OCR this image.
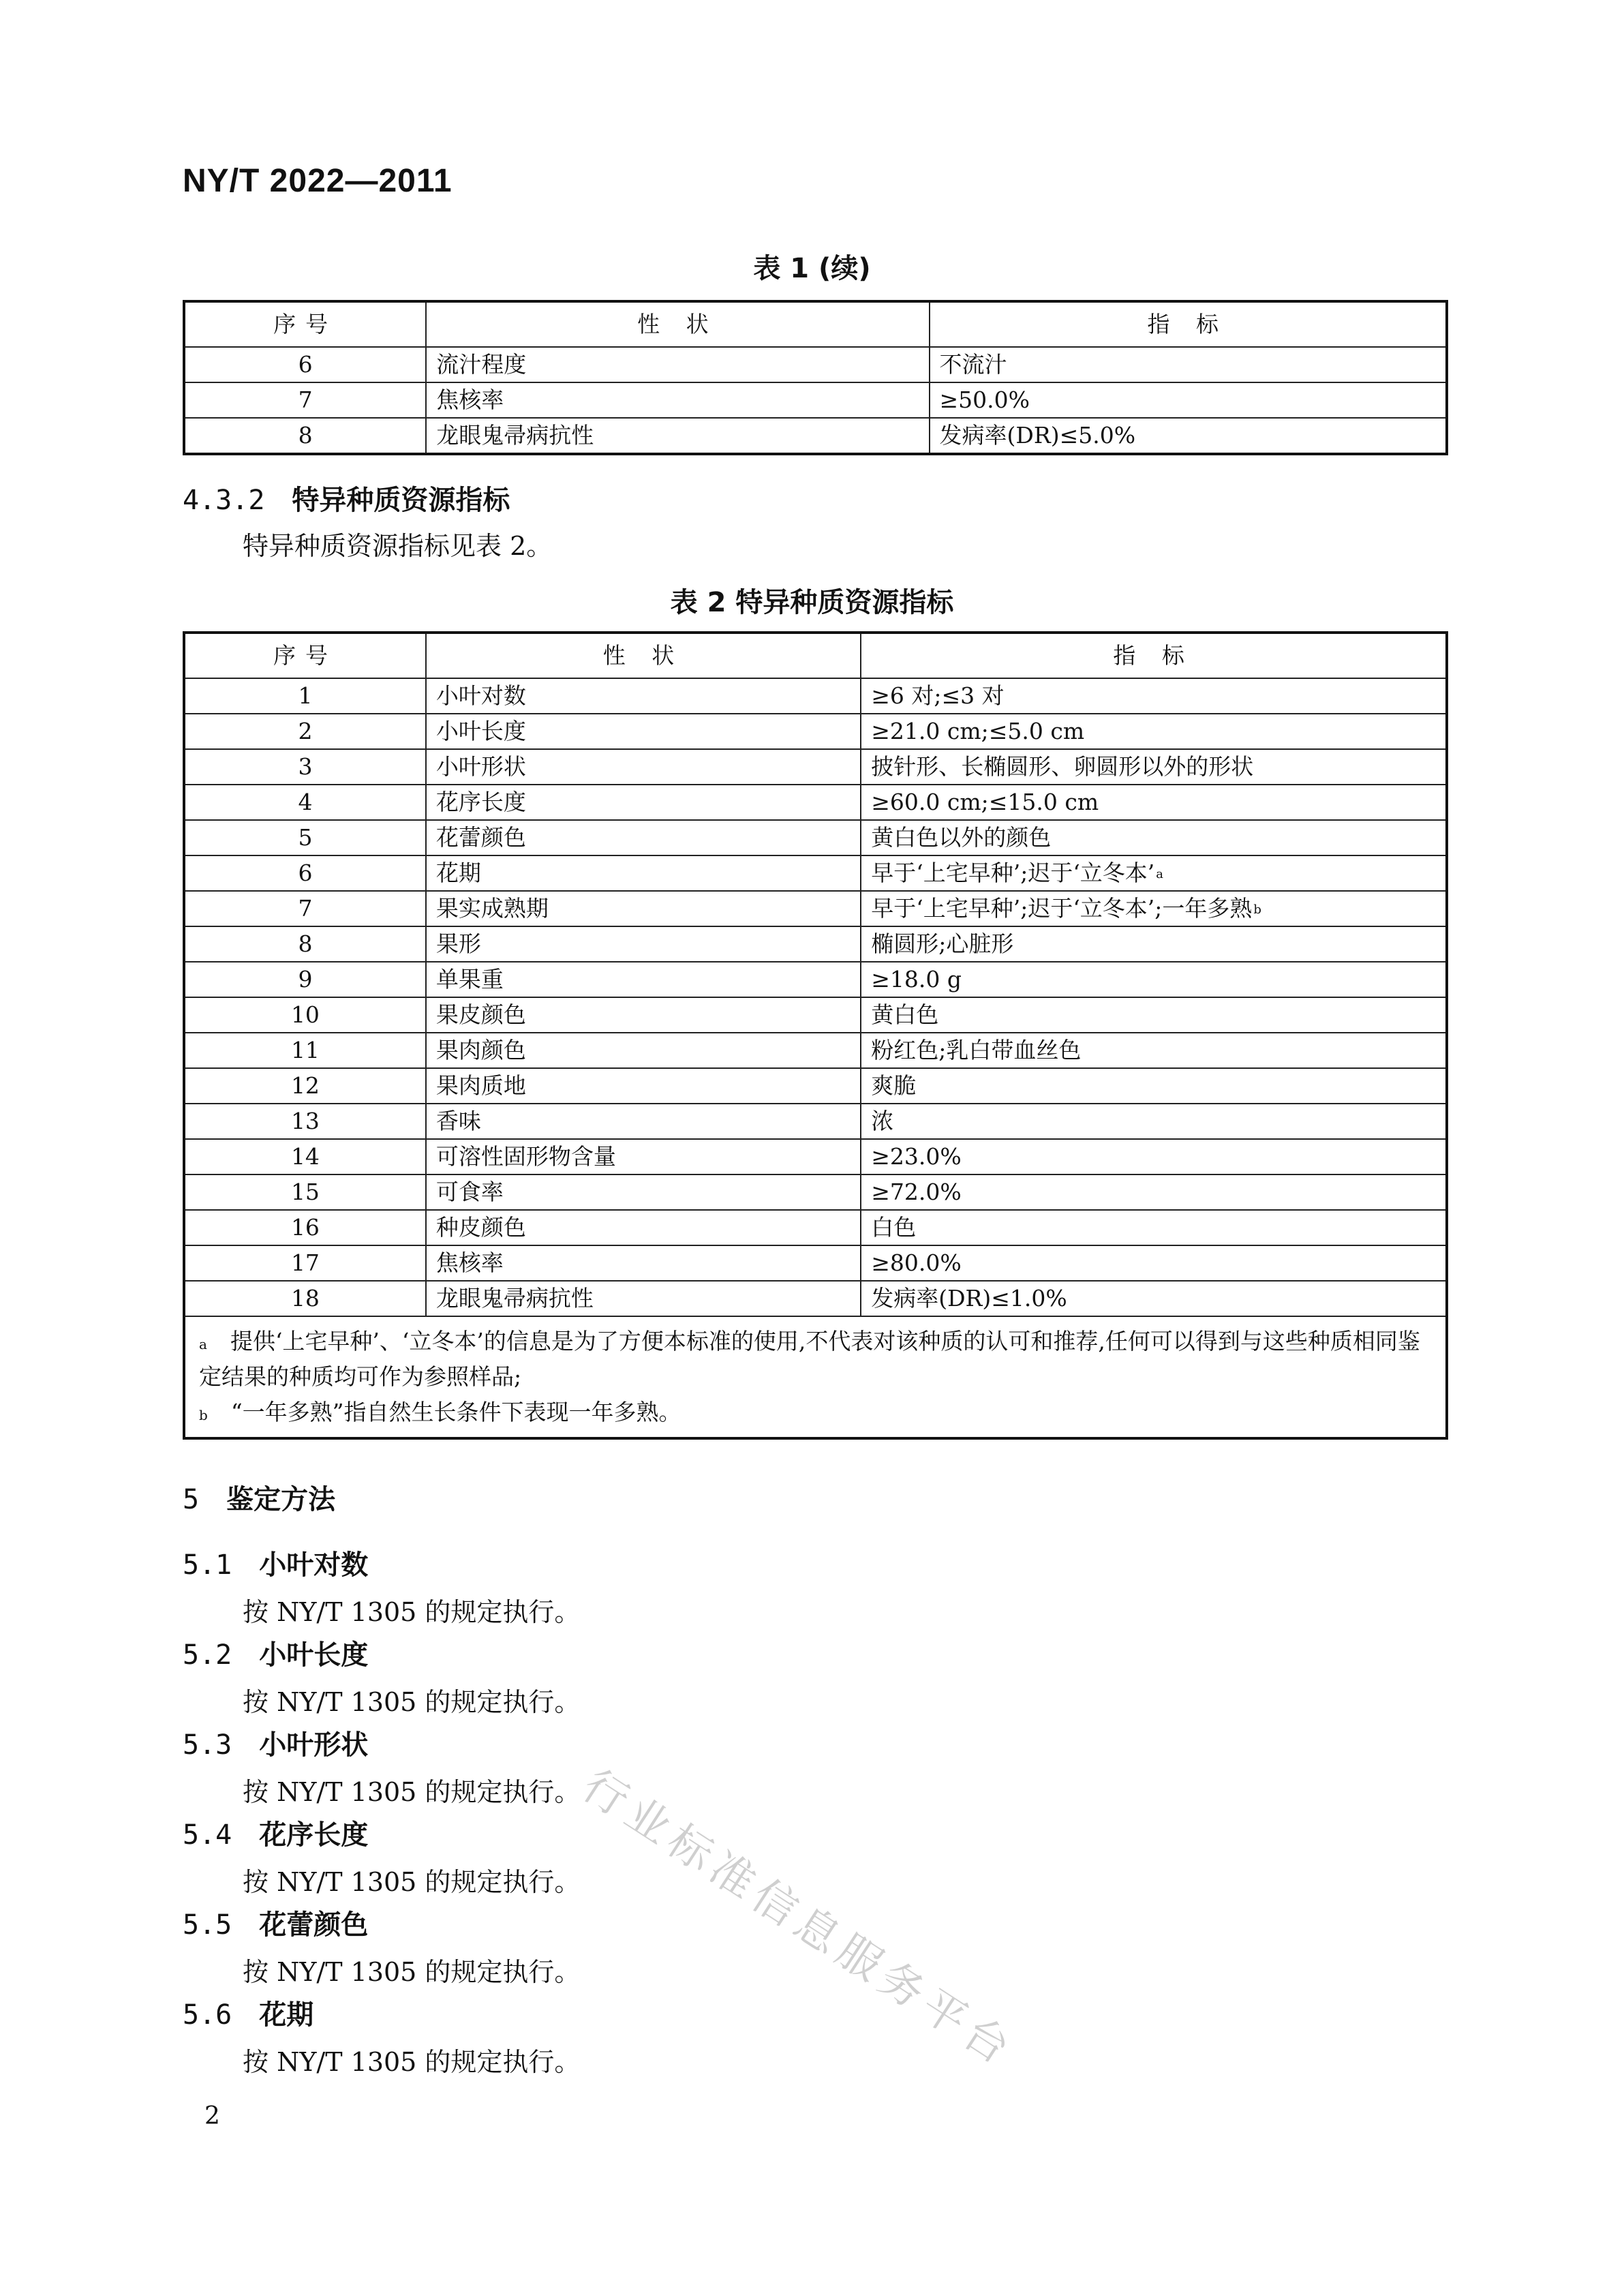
NY/T 2022—2011
表 1 (续)
序号	性 状	指 标
6	流汁程度	不流汁
7	焦核率	≥50.0%
8	龙眼鬼帚病抗性	发病率(DR)≤5.0%
4.3.2 特异种质资源指标
特异种质资源指标见表 2。
表 2 特异种质资源指标
序号	性 状	指 标
1	小叶对数	≥6 对;≤3 对
2	小叶长度	≥21.0 cm;≤5.0 cm
3	小叶形状	披针形、长椭圆形、卵圆形以外的形状
4	花序长度	≥60.0 cm;≤15.0 cm
5	花蕾颜色	黄白色以外的颜色
6	花期	早于‘上宅早种’;迟于‘立冬本’ $^a$
7	果实成熟期	早于‘上宅早种’;迟于‘立冬本’;一年多熟 $^b$
8	果形	椭圆形;心脏形
9	单果重	≥18.0 g
10	果皮颜色	黄白色
11	果肉颜色	粉红色;乳白带血丝色
12	果肉质地	爽脆
13	香味	浓
14	可溶性固形物含量	≥23.0%
15	可食率	≥72.0%
16	种皮颜色	白色
17	焦核率	≥80.0%
18	龙眼鬼帚病抗性	发病率(DR)≤1.0%

$^a$ 提供‘上宅早种’、‘立冬本’的信息是为了方便本标准的使用,不代表对该种质的认可和推荐,任何可以得到与这些种质相同鉴定结果的种质均可作为参照样品;
$^b$ “一年多熟”指自然生长条件下表现一年多熟。		
5 鉴定方法
5.1 小叶对数
按 NY/T 1305 的规定执行。
5.2 小叶长度
按 NY/T 1305 的规定执行。
5.3 小叶形状
按 NY/T 1305 的规定执行。
5.4 花序长度
按 NY/T 1305 的规定执行。
5.5 花蕾颜色
按 NY/T 1305 的规定执行。
5.6 花期
按 NY/T 1305 的规定执行。
行业标准信息服务平台
2
